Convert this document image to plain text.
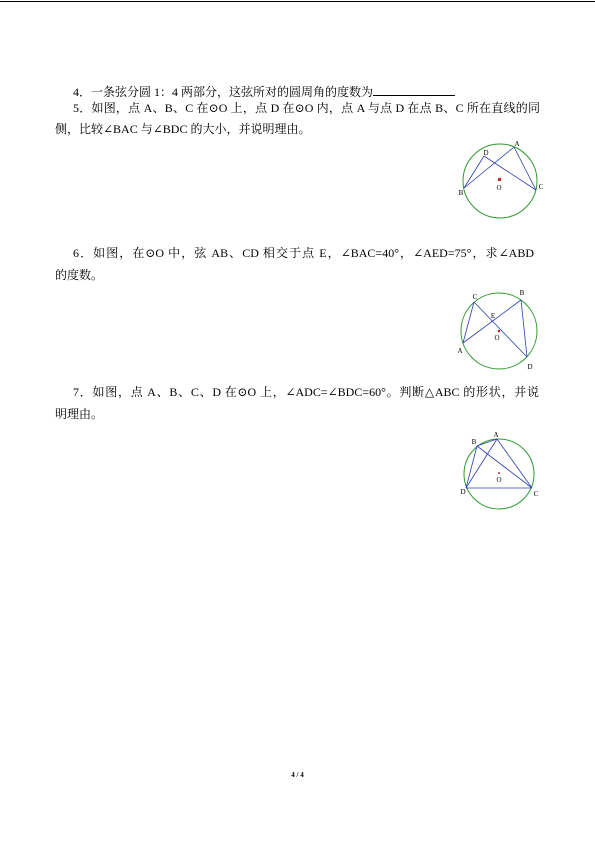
4．一条弦分圆 1：4 两部分，这弦所对的圆周角的度数为
5．如图，点 A、B、C 在⊙O 上，点 D 在⊙O 内，点 A 与点 D 在点 B、C 所在直线的同
侧，比较∠BAC 与∠BDC 的大小，并说明理由。
A
D
O
B
C
6．如图，在⊙O 中，弦 AB、CD 相交于点 E，∠BAC=40°，∠AED=75°，求∠ABD
的度数。
C	B
E
O
A
D
7．如图，点 A、B、C、D 在⊙O 上，∠ADC=∠BDC=60°。判断△ABC 的形状，并说
明理由。
A
B
O
D	C
4 / 4
